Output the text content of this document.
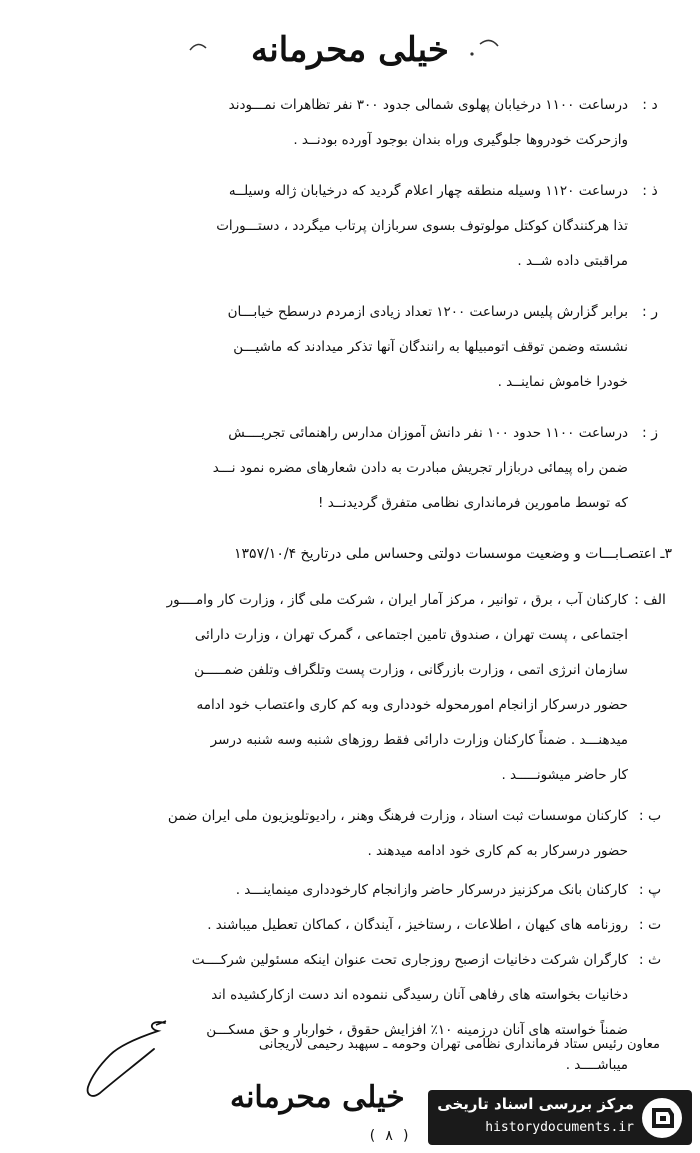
خیلی محرمانه
د :
درساعت ۱۱۰۰ درخیابان پهلوی شمالی جدود ۳۰۰ نفر تظاهرات نمـــودند
وازحرکت خودروها جلوگیری وراه بندان بوجود آورده بودنــد .
ذ :
درساعت ۱۱۲۰ وسیله منطقه چهار اعلام گردید که درخیابان ژاله وسیلــه
تذا هرکنندگان کوکتل مولوتوف بسوی سربازان پرتاب میگردد ، دستـــورات
مراقبتی داده شــد .
ر :
برابر گزارش پلیس درساعت ۱۲۰۰ تعداد زیادی ازمردم درسطح خیابـــان
نشسته وضمن توقف اتومبیلها به رانندگان آنها تذکر میدادند که ماشیـــن
خودرا خاموش نماینــد .
ز :
درساعت ۱۱۰۰ حدود ۱۰۰ نفر دانش آموزان مدارس راهنمائی تجریــــش
ضمن راه پیمائی دربازار تجریش مبادرت به دادن شعارهای مضره نمود نـــد
که توسط مامورین فرمانداری نظامی متفرق گردیدنــد !
۳ـ اعتصـابـــات و وضعیت موسسات دولتی وحساس ملی درتاریخ ۱۳۵۷/۱۰/۴
الف :
کارکنان آب ، برق ، توانیر ، مرکز آمار ایران ، شرکت ملی گاز ، وزارت کار وامــــور
اجتماعی ، پست تهران ، صندوق تامین اجتماعی ، گمرک تهران ، وزارت دارائی
سازمان انرژی اتمی ، وزارت بازرگانی ، وزارت پست وتلگراف وتلفن ضمـــــن
حضور درسرکار ازانجام امورمحوله خودداری وبه کم کاری واعتصاب خود ادامه
میدهنـــد . ضمناً کارکنان وزارت دارائی فقط روزهای شنبه وسه شنبه درسر
کار حاضر میشونـــــد .
ب :
کارکنان موسسات ثبت اسناد ، وزارت فرهنگ وهنر ، رادیوتلویزیون ملی ایران ضمن
حضور درسرکار به کم کاری خود ادامه میدهند .
پ :
کارکنان بانک مرکزنیز درسرکار حاضر وازانجام کارخودداری مینماینـــد .
ت :
روزنامه های کیهان ، اطلاعات ، رستاخیز ، آیندگان ، کماکان تعطیل میباشند .
ث :
کارگران شرکت دخانیات ازصبح روزجاری تحت عنوان اینکه مسئولین شرکــــت
دخانیات بخواسته های رفاهی آنان رسیدگی ننموده اند دست ازکارکشیده اند
ضمناً خواسته های آنان درزمینه ۱۰٪ افزایش حقوق ، خواربار و حق مسکـــن
میباشــــد .
معاون رئیس ستاد فرمانداری نظامی تهران وحومه ـ سپهبد رحیمی لاریجانی
خیلی محرمانه
( ۸ )
مرکز بررسی اسناد تاریخی
historydocuments.ir
